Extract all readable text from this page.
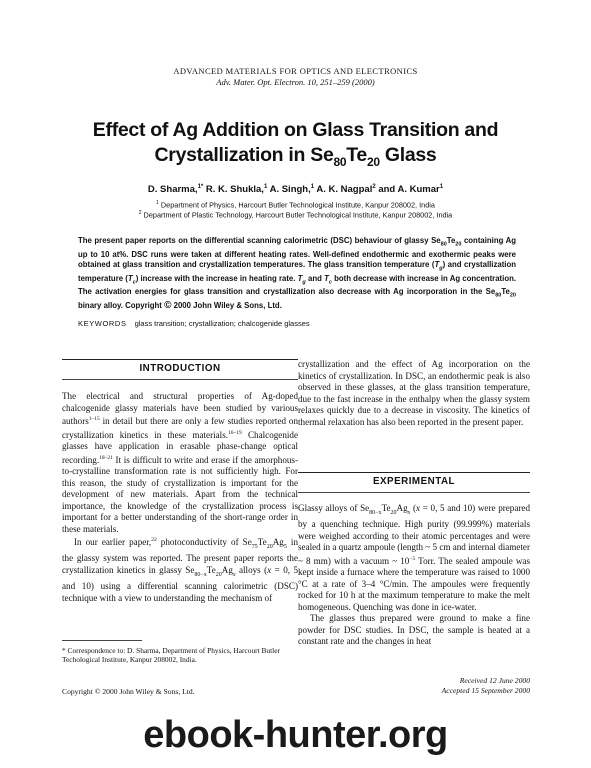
ADVANCED MATERIALS FOR OPTICS AND ELECTRONICS
Adv. Mater. Opt. Electron. 10, 251–259 (2000)
Effect of Ag Addition on Glass Transition and
Crystallization in $Se_{80}Te_{20}$ Glass
D. Sharma,$^{1*}$ R. K. Shukla,$^1$ A. Singh,$^1$ A. K. Nagpal$^2$ and A. Kumar$^1$
$^1$ Department of Physics, Harcourt Butler Technological Institute, Kanpur 208002, India
$^2$ Department of Plastic Technology, Harcourt Butler Technological Institute, Kanpur 208002, India
The present paper reports on the differential scanning calorimetric (DSC) behaviour of glassy $Se_{80}Te_{20}$ containing Ag up to 10 at%. DSC runs were taken at different heating rates. Well-defined endothermic and exothermic peaks were obtained at glass transition and crystallization temperatures. The glass transition temperature $(T_g)$ and crystallization temperature $(T_c)$ increase with the increase in heating rate. $T_g$ and $T_c$ both decrease with increase in Ag concentration. The activation energies for glass transition and crystallization also decrease with Ag incorporation in the $Se_{80}Te_{20}$ binary alloy. Copyright © 2000 John Wiley & Sons, Ltd.
KEYWORDS glass transition; crystallization; chalcogenide glasses
INTRODUCTION

The electrical and structural properties of Ag-doped chalcogenide glassy materials have been studied by various authors$^{1-15}$ in detail but there are only a few studies reported on crystallization kinetics in these materials.$^{16-19}$ Chalcogenide glasses have application in erasable phase-change optical recording.$^{18-21}$ It is difficult to write and erase if the amorphous-to-crystalline transformation rate is not sufficiently high. For this reason, the study of crystallization is important for the development of new materials. Apart from the technical importance, the knowledge of the crystallization process is important for a better understanding of the short-range order in these materials.

In our earlier paper,$^{22}$ photoconductivity of $Se_{75}Te_{20}Ag_5$ in the glassy system was reported. The present paper reports the crystallization kinetics in glassy $Se_{80-x}Te_{20}Ag_x$ alloys (x = 0, 5 and 10) using a differential scanning calorimetric (DSC) technique with a view to understanding the mechanism of

crystallization and the effect of Ag incorporation on the kinetics of crystallization. In DSC, an endothermic peak is also observed in these glasses, at the glass transition temperature, due to the fast increase in the enthalpy when the glassy system relaxes quickly due to a decrease in viscosity. The kinetics of thermal relaxation has also been reported in the present paper.

EXPERIMENTAL

Glassy alloys of $Se_{80-x}Te_{20}Ag_x$ (x = 0, 5 and 10) were prepared by a quenching technique. High purity (99.999%) materials were weighed according to their atomic percentages and were sealed in a quartz ampoule (length ~ 5 cm and internal diameter ~ 8 mm) with a vacuum ~ $10^{-5}$ Torr. The sealed ampoule was kept inside a furnace where the temperature was raised to 1000 °C at a rate of 3–4 °C/min. The ampoules were frequently rocked for 10 h at the maximum temperature to make the melt homogeneous. Quenching was done in ice-water.

The glasses thus prepared were ground to make a fine powder for DSC studies. In DSC, the sample is heated at a constant rate and the changes in heat

* Correspondence to: D. Sharma, Department of Physics, Harcourt Butler Techological Institute, Kanpur 208002, India.
Copyright © 2000 John Wiley & Sons, Ltd.
Received 12 June 2000
Accepted 15 September 2000
ebook-hunter.org
